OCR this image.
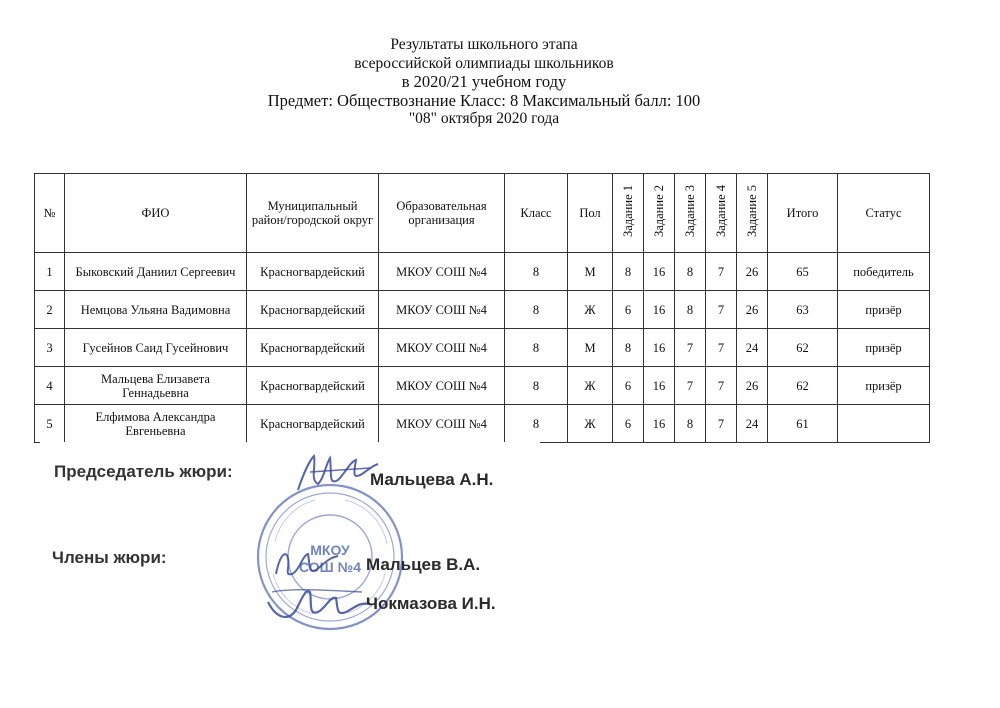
Результаты школьного этапа
всероссийской олимпиады школьников
в 2020/21 учебном году
Предмет: Обществознание Класс: 8 Максимальный балл: 100
"08" октября 2020 года
№	ФИО	Муниципальный район/городской округ	Образовательная организация	Класс	Пол	Задание 1	Задание 2	Задание 3	Задание 4	Задание 5	Итого	Статус
1	Быковский Даниил Сергеевич	Красногвардейский	МКОУ СОШ №4	8	М	8	16	8	7	26	65	победитель
2	Немцова Ульяна Вадимовна	Красногвардейский	МКОУ СОШ №4	8	Ж	6	16	8	7	26	63	призёр
3	Гусейнов Саид Гусейнович	Красногвардейский	МКОУ СОШ №4	8	М	8	16	7	7	24	62	призёр
4	Мальцева Елизавета Геннадьевна	Красногвардейский	МКОУ СОШ №4	8	Ж	6	16	7	7	26	62	призёр
5	Елфимова Александра Евгеньевна	Красногвардейский	МКОУ СОШ №4	8	Ж	6	16	8	7	24	61	
МКОУ
СОШ №4
Председатель жюри:	Мальцева А.Н.
Члены жюри:	Мальцев В.А.
Чокмазова И.Н.
